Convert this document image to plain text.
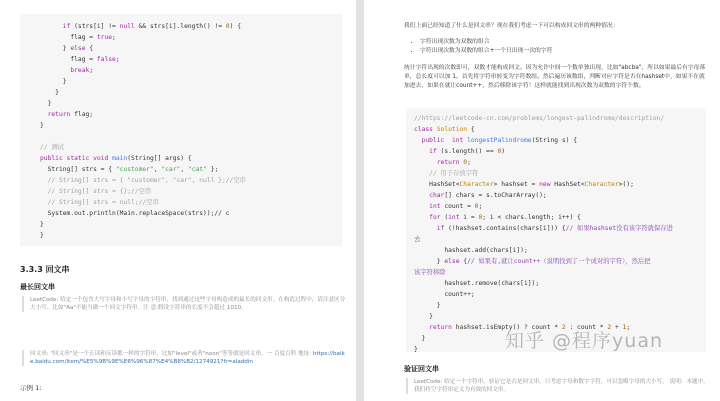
if (strs[i] != null && strs[i].length() != 0) {
flag = true;
} else {
flag = false;
break;
}
}
}
return flag;
}
// 测试
public static void main(String[] args) {
String[] strs = { "customer", "car", "cat" };
// String[] strs = { "customer", "car", null };//空串
// String[] strs = {};//空串
// String[] strs = null;//空串
System.out.println(Main.replaceSpace(strs));// c
}
}
3.3.3 回文串
最长回文串
LeetCode: 给定一个包含大写字母和小写字母的字符串，找到通过这些字母构造成的最长的回文串。在构造过程中，请注意区分大小写。比如"Aa"不能当做一个回文字符串。注 意:假设字符串的长度不会超过 1010。
回文串: "回文串"是一个正读和反读都一样的字符串，比如"level"或者"noon"等等就是回文串。一 百度百科 地址: https://baike.baidu.com/item/%E5%9B%9E%E6%96%87%E4%B8%B2/1274921?fr=aladdin
示例 1:
我们上面已经知道了什么是回文串？现在我们考虑一下可以构成回文串的两种情况：
• 字符出现次数为双数的组合
• 字符出现次数为双数的组合+一个只出现一次的字符
统计字符出现的次数即可，双数才能构成回文。因为允许中间一个数单独出现，比如"abcba"，所以如果最后有字母落单，总长度可以加 1。首先将字符串转变为字符数组。然后遍历该数组，判断对应字符是否在hashset中，如果不在就加进去，如果在就让count++，然后移除该字符！这样就能找到出现次数为双数的字符个数。
//https://leetcode-cn.com/problems/longest-palindrome/description/
class Solution {
public int longestPalindrome(String s) {
if (s.length() == 0)
return 0;
// 用于存放字符
HashSet<Character> hashset = new HashSet<Character>();
char[] chars = s.toCharArray();
int count = 0;
for (int i = 0; i < chars.length; i++) {
if (!hashset.contains(chars[i])) {// 如果hashset没有该字符就保存进
去
hashset.add(chars[i]);
} else {// 如果有,就让count++（说明找到了一个成对的字符），然后把
该字符移除
hashset.remove(chars[i]);
count++;
}
}
return hashset.isEmpty() ? count * 2 : count * 2 + 1;
}
}
验证回文串
LeetCode: 给定一个字符串，验证它是否是回文串，只考虑字母和数字字符，可以忽略字母的大小写。 说明：本题中，我们将空字符串定义为有效的回文串。
知乎 @程序yuan
